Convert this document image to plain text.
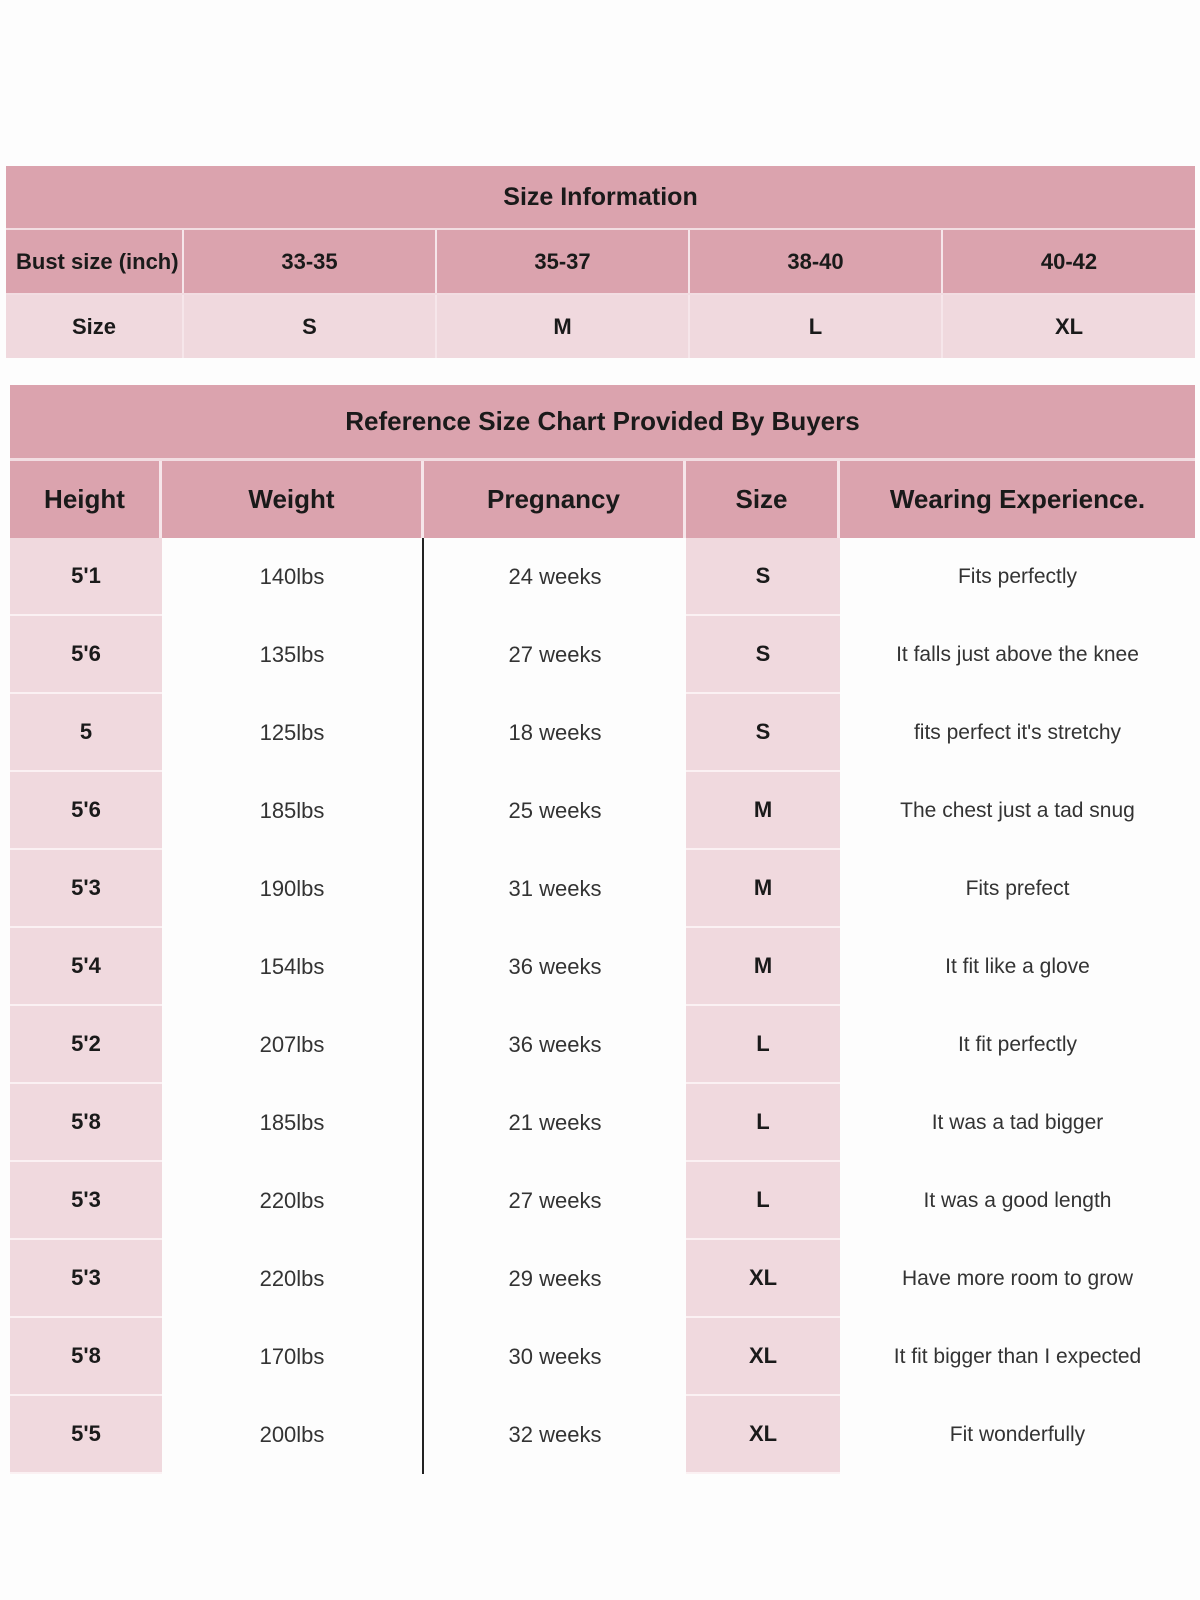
Size Information
Bust size (inch)	33-35	35-37	38-40	40-42
Size	S	M	L	XL
Reference Size Chart Provided By Buyers
Height	Weight	Pregnancy	Size	Wearing Experience.
5'1	140lbs	24 weeks	S	Fits perfectly
5'6	135lbs	27 weeks	S	It falls just above the knee
5	125lbs	18 weeks	S	fits perfect it's stretchy
5'6	185lbs	25 weeks	M	The chest just a tad snug
5'3	190lbs	31 weeks	M	Fits prefect
5'4	154lbs	36 weeks	M	It fit like a glove
5'2	207lbs	36 weeks	L	It fit perfectly
5'8	185lbs	21 weeks	L	It was a tad bigger
5'3	220lbs	27 weeks	L	It was a good length
5'3	220lbs	29 weeks	XL	Have more room to grow
5'8	170lbs	30 weeks	XL	It fit bigger than I expected
5'5	200lbs	32 weeks	XL	Fit wonderfully
